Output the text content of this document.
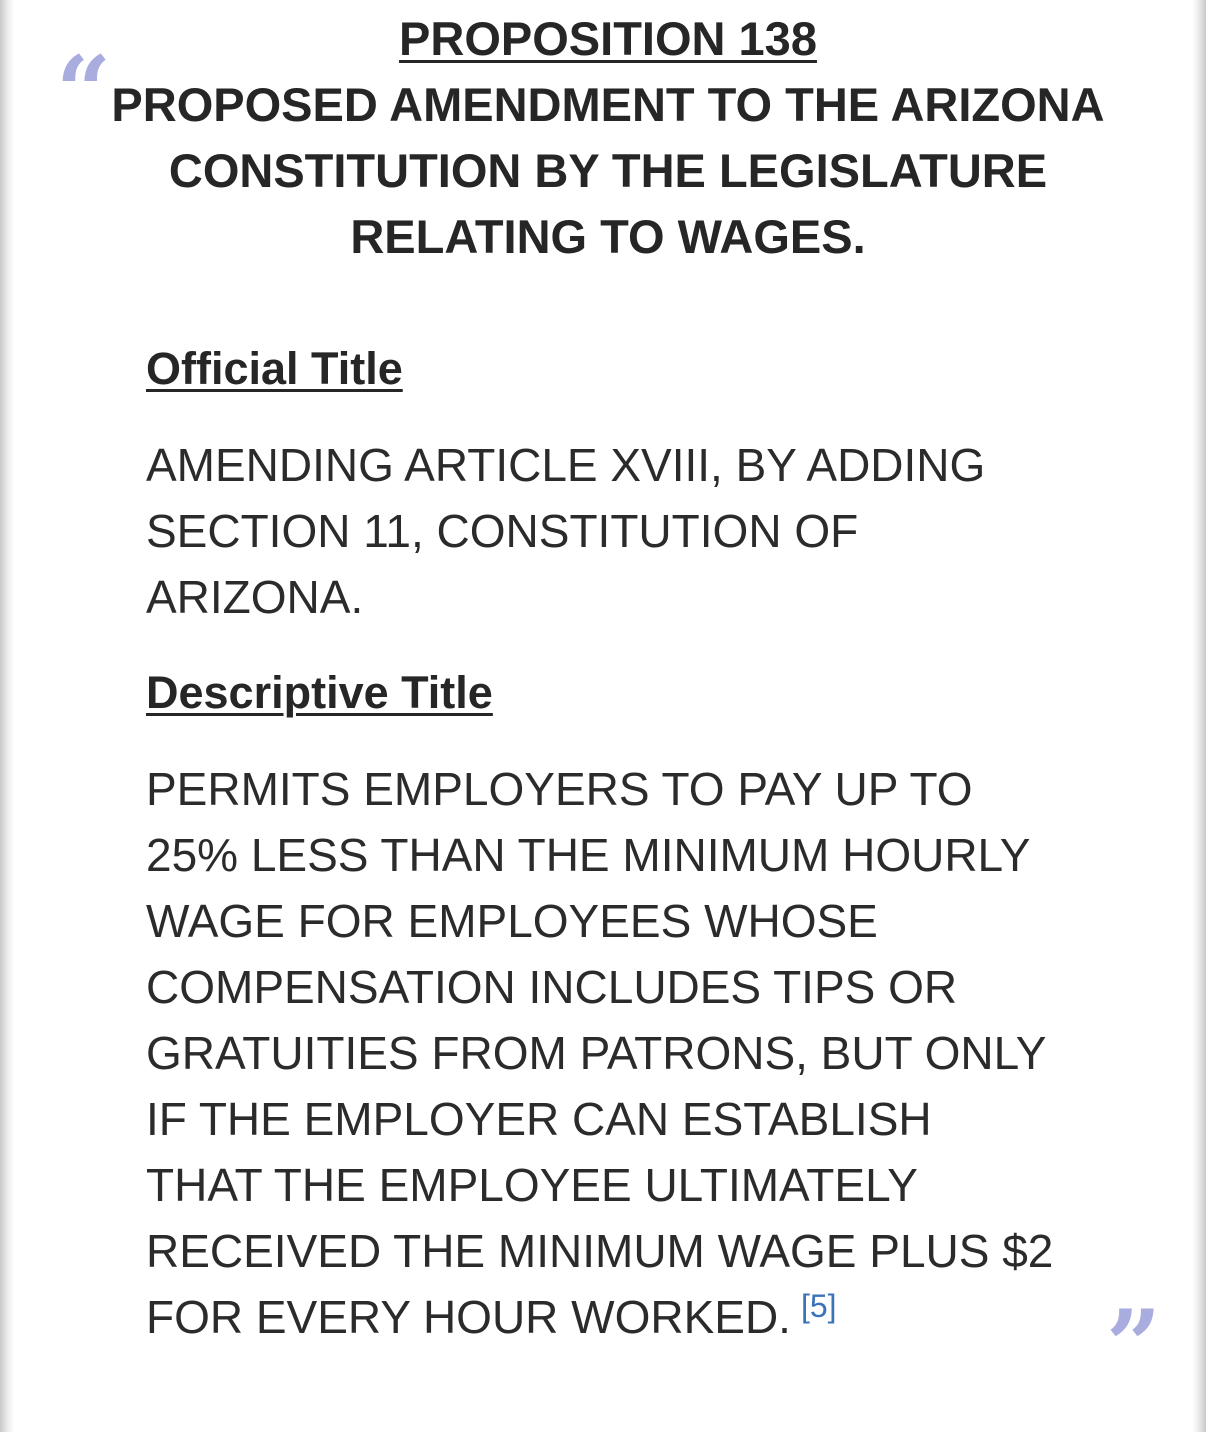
“	PROPOSITION 138
PROPOSED AMENDMENT TO THE ARIZONA CONSTITUTION BY THE LEGISLATURE RELATING TO WAGES.
Official Title
AMENDING ARTICLE XVIII, BY ADDING SECTION 11, CONSTITUTION OF ARIZONA.
Descriptive Title
PERMITS EMPLOYERS TO PAY UP TO 25% LESS THAN THE MINIMUM HOURLY WAGE FOR EMPLOYEES WHOSE COMPENSATION INCLUDES TIPS OR GRATUITIES FROM PATRONS, BUT ONLY IF THE EMPLOYER CAN ESTABLISH THAT THE EMPLOYEE ULTIMATELY RECEIVED THE MINIMUM WAGE PLUS $2 FOR EVERY HOUR WORKED. [5]	”
